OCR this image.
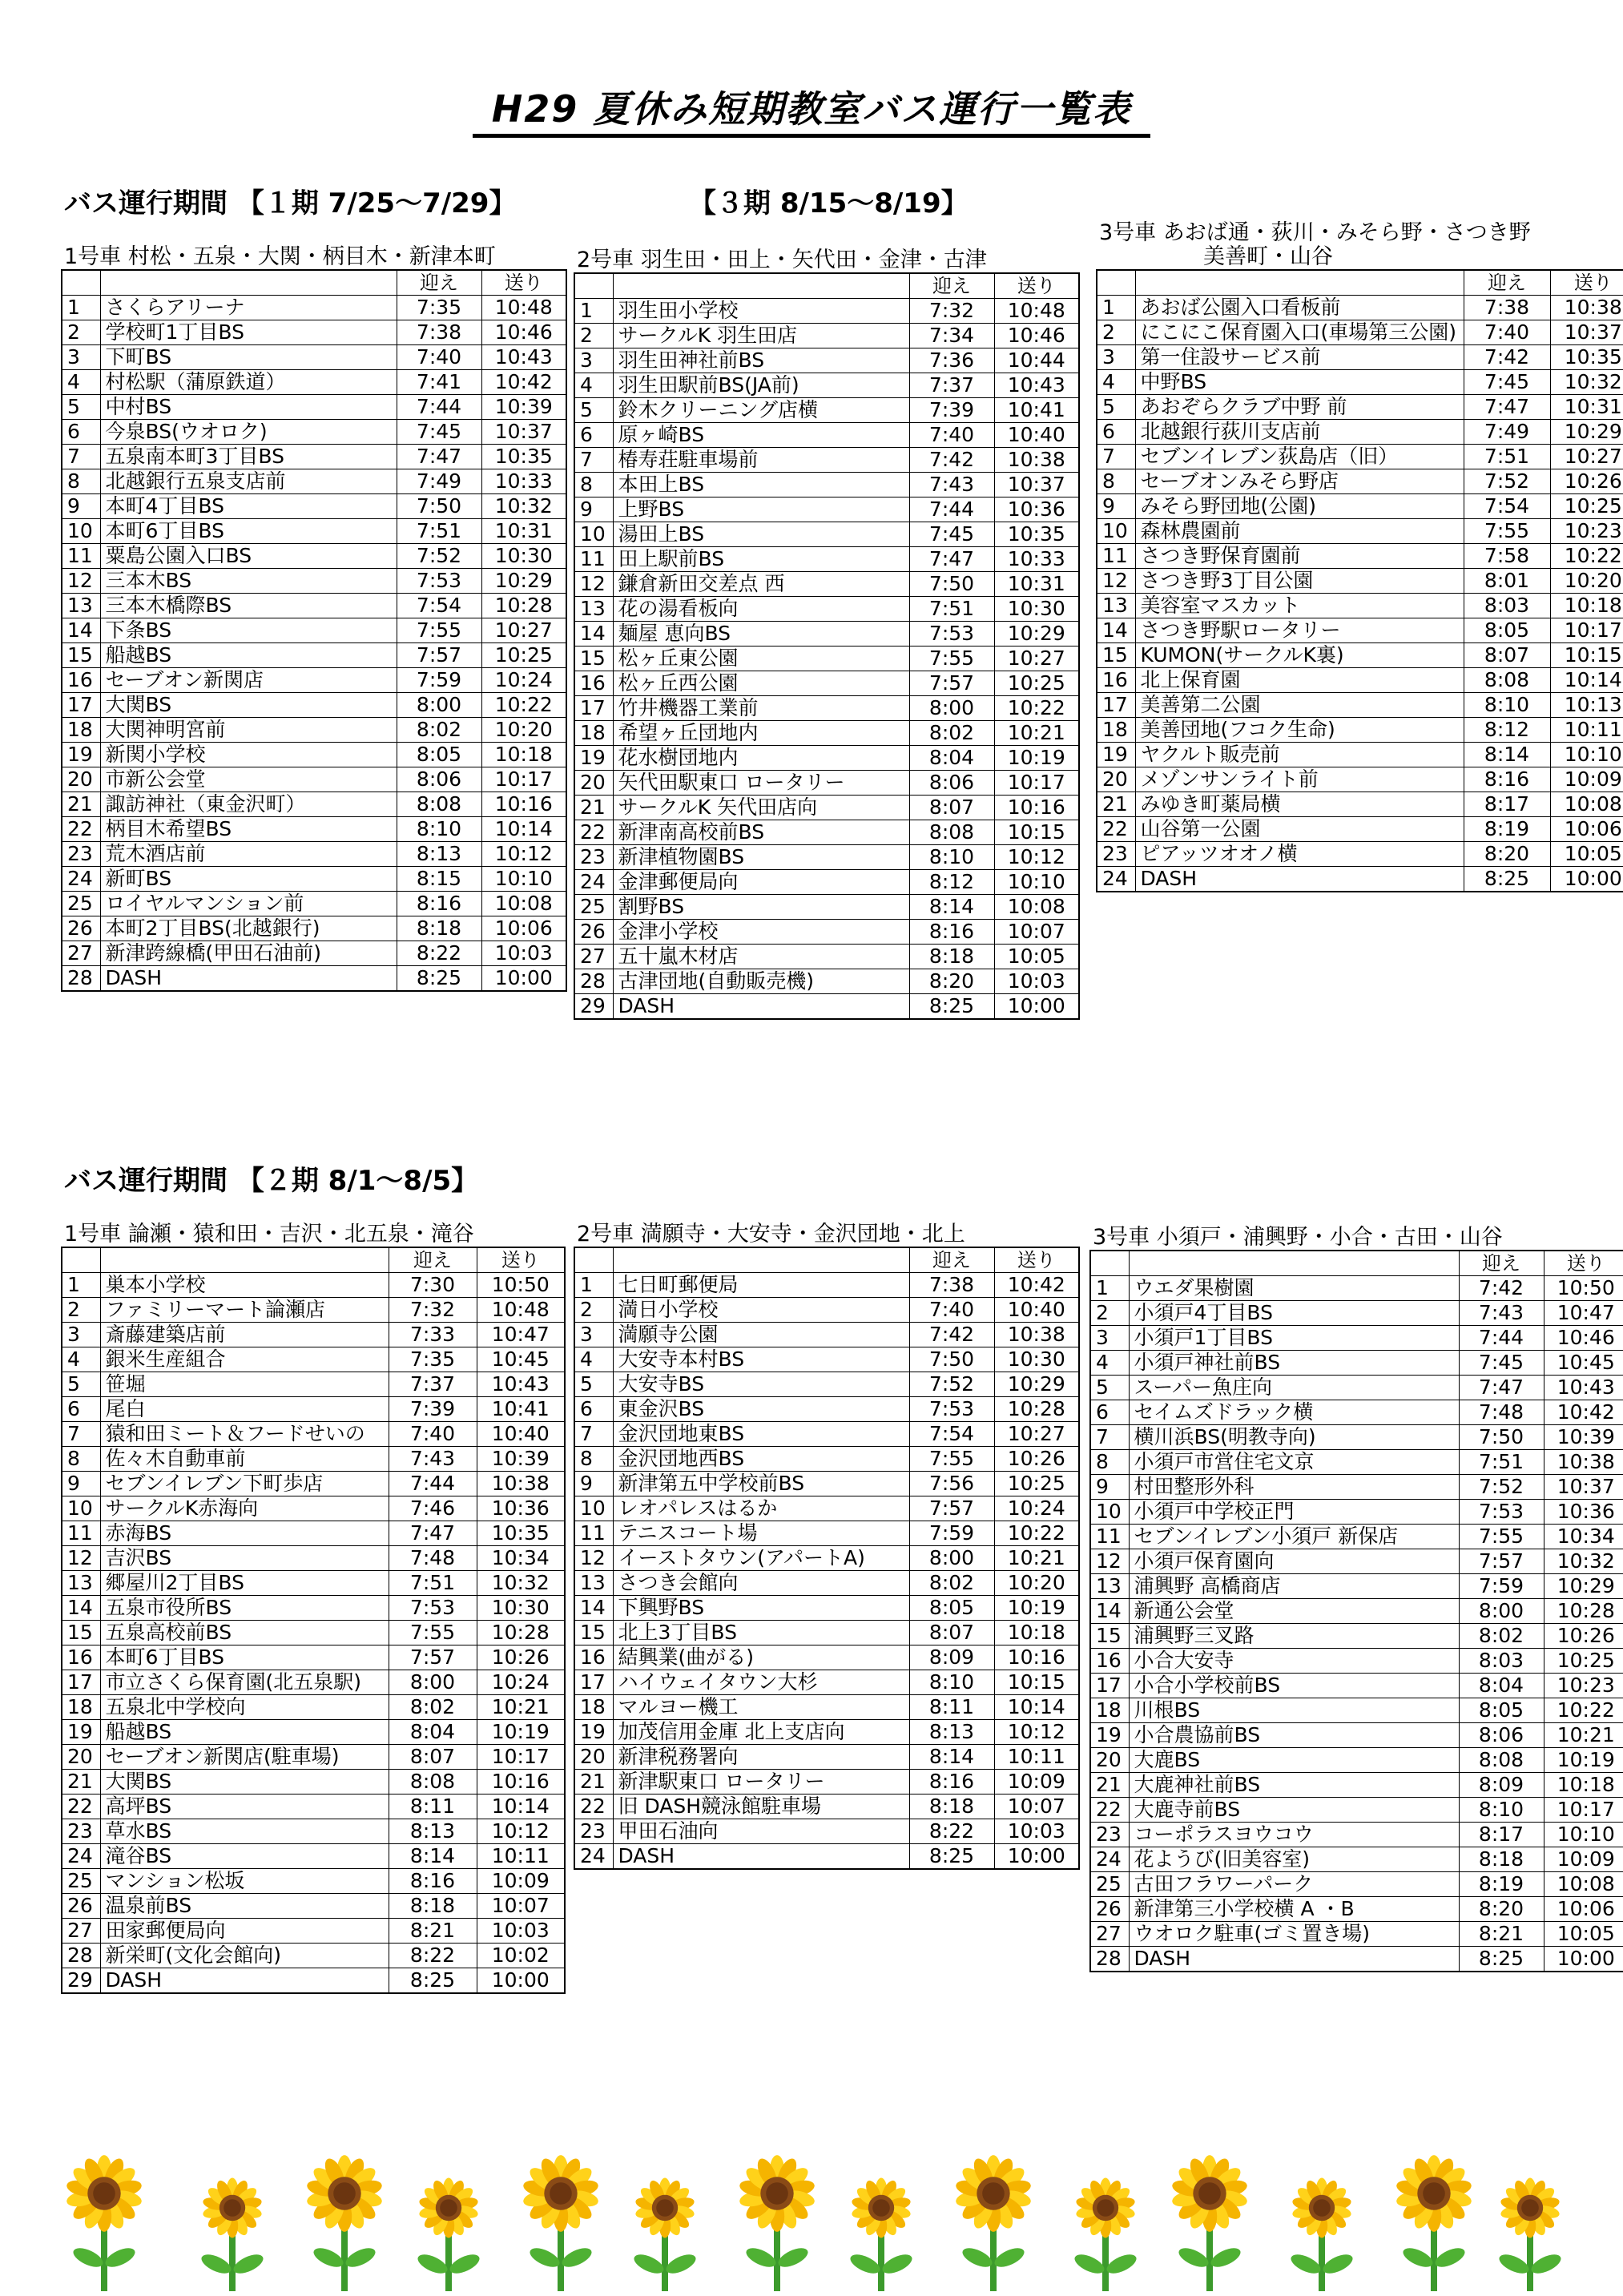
H29 夏休み短期教室バス運行一覧表
バス運行期間 【１期 7/25～7/29】	【３期 8/15～8/19】
バス運行期間 【２期 8/1～8/5】
1号車 村松・五泉・大関・柄目木・新津本町
		迎え	送り
1	さくらアリーナ	7:35	10:48
2	学校町1丁目BS	7:38	10:46
3	下町BS	7:40	10:43
4	村松駅（蒲原鉄道）	7:41	10:42
5	中村BS	7:44	10:39
6	今泉BS(ウオロク)	7:45	10:37
7	五泉南本町3丁目BS	7:47	10:35
8	北越銀行五泉支店前	7:49	10:33
9	本町4丁目BS	7:50	10:32
10	本町6丁目BS	7:51	10:31
11	粟島公園入口BS	7:52	10:30
12	三本木BS	7:53	10:29
13	三本木橋際BS	7:54	10:28
14	下条BS	7:55	10:27
15	船越BS	7:57	10:25
16	セーブオン新関店	7:59	10:24
17	大関BS	8:00	10:22
18	大関神明宮前	8:02	10:20
19	新関小学校	8:05	10:18
20	市新公会堂	8:06	10:17
21	諏訪神社（東金沢町）	8:08	10:16
22	柄目木希望BS	8:10	10:14
23	荒木酒店前	8:13	10:12
24	新町BS	8:15	10:10
25	ロイヤルマンション前	8:16	10:08
26	本町2丁目BS(北越銀行)	8:18	10:06
27	新津跨線橋(甲田石油前)	8:22	10:03
28	DASH	8:25	10:00
2号車 羽生田・田上・矢代田・金津・古津
		迎え	送り
1	羽生田小学校	7:32	10:48
2	サークルK 羽生田店	7:34	10:46
3	羽生田神社前BS	7:36	10:44
4	羽生田駅前BS(JA前)	7:37	10:43
5	鈴木クリーニング店横	7:39	10:41
6	原ヶ崎BS	7:40	10:40
7	椿寿荘駐車場前	7:42	10:38
8	本田上BS	7:43	10:37
9	上野BS	7:44	10:36
10	湯田上BS	7:45	10:35
11	田上駅前BS	7:47	10:33
12	鎌倉新田交差点 西	7:50	10:31
13	花の湯看板向	7:51	10:30
14	麺屋 恵向BS	7:53	10:29
15	松ヶ丘東公園	7:55	10:27
16	松ヶ丘西公園	7:57	10:25
17	竹井機器工業前	8:00	10:22
18	希望ヶ丘団地内	8:02	10:21
19	花水樹団地内	8:04	10:19
20	矢代田駅東口 ロータリー	8:06	10:17
21	サークルK 矢代田店向	8:07	10:16
22	新津南高校前BS	8:08	10:15
23	新津植物園BS	8:10	10:12
24	金津郵便局向	8:12	10:10
25	割野BS	8:14	10:08
26	金津小学校	8:16	10:07
27	五十嵐木材店	8:18	10:05
28	古津団地(自動販売機)	8:20	10:03
29	DASH	8:25	10:00
3号車 あおば通・荻川・みそら野・さつき野
美善町・山谷
		迎え	送り
1	あおば公園入口看板前	7:38	10:38
2	にこにこ保育園入口(車場第三公園)	7:40	10:37
3	第一住設サービス前	7:42	10:35
4	中野BS	7:45	10:32
5	あおぞらクラブ中野 前	7:47	10:31
6	北越銀行荻川支店前	7:49	10:29
7	セブンイレブン荻島店（旧）	7:51	10:27
8	セーブオンみそら野店	7:52	10:26
9	みそら野団地(公園)	7:54	10:25
10	森林農園前	7:55	10:23
11	さつき野保育園前	7:58	10:22
12	さつき野3丁目公園	8:01	10:20
13	美容室マスカット	8:03	10:18
14	さつき野駅ロータリー	8:05	10:17
15	KUMON(サークルK裏)	8:07	10:15
16	北上保育園	8:08	10:14
17	美善第二公園	8:10	10:13
18	美善団地(フコク生命)	8:12	10:11
19	ヤクルト販売前	8:14	10:10
20	メゾンサンライト前	8:16	10:09
21	みゆき町薬局横	8:17	10:08
22	山谷第一公園	8:19	10:06
23	ピアッツオオノ横	8:20	10:05
24	DASH	8:25	10:00
1号車 論瀬・猿和田・吉沢・北五泉・滝谷
		迎え	送り
1	巣本小学校	7:30	10:50
2	ファミリーマート論瀬店	7:32	10:48
3	斎藤建築店前	7:33	10:47
4	銀米生産組合	7:35	10:45
5	笹堀	7:37	10:43
6	尾白	7:39	10:41
7	猿和田ミート＆フードせいの	7:40	10:40
8	佐々木自動車前	7:43	10:39
9	セブンイレブン下町歩店	7:44	10:38
10	サークルK赤海向	7:46	10:36
11	赤海BS	7:47	10:35
12	吉沢BS	7:48	10:34
13	郷屋川2丁目BS	7:51	10:32
14	五泉市役所BS	7:53	10:30
15	五泉高校前BS	7:55	10:28
16	本町6丁目BS	7:57	10:26
17	市立さくら保育園(北五泉駅)	8:00	10:24
18	五泉北中学校向	8:02	10:21
19	船越BS	8:04	10:19
20	セーブオン新関店(駐車場)	8:07	10:17
21	大関BS	8:08	10:16
22	高坪BS	8:11	10:14
23	草水BS	8:13	10:12
24	滝谷BS	8:14	10:11
25	マンション松坂	8:16	10:09
26	温泉前BS	8:18	10:07
27	田家郵便局向	8:21	10:03
28	新栄町(文化会館向)	8:22	10:02
29	DASH	8:25	10:00
2号車 満願寺・大安寺・金沢団地・北上
		迎え	送り
1	七日町郵便局	7:38	10:42
2	満日小学校	7:40	10:40
3	満願寺公園	7:42	10:38
4	大安寺本村BS	7:50	10:30
5	大安寺BS	7:52	10:29
6	東金沢BS	7:53	10:28
7	金沢団地東BS	7:54	10:27
8	金沢団地西BS	7:55	10:26
9	新津第五中学校前BS	7:56	10:25
10	レオパレスはるか	7:57	10:24
11	テニスコート場	7:59	10:22
12	イーストタウン(アパートA)	8:00	10:21
13	さつき会館向	8:02	10:20
14	下興野BS	8:05	10:19
15	北上3丁目BS	8:07	10:18
16	結興業(曲がる)	8:09	10:16
17	ハイウェイタウン大杉	8:10	10:15
18	マルヨー機工	8:11	10:14
19	加茂信用金庫 北上支店向	8:13	10:12
20	新津税務署向	8:14	10:11
21	新津駅東口 ロータリー	8:16	10:09
22	旧 DASH競泳館駐車場	8:18	10:07
23	甲田石油向	8:22	10:03
24	DASH	8:25	10:00
3号車 小須戸・浦興野・小合・古田・山谷
		迎え	送り
1	ウエダ果樹園	7:42	10:50
2	小須戸4丁目BS	7:43	10:47
3	小須戸1丁目BS	7:44	10:46
4	小須戸神社前BS	7:45	10:45
5	スーパー魚庄向	7:47	10:43
6	セイムズドラック横	7:48	10:42
7	横川浜BS(明教寺向)	7:50	10:39
8	小須戸市営住宅文京	7:51	10:38
9	村田整形外科	7:52	10:37
10	小須戸中学校正門	7:53	10:36
11	セブンイレブン小須戸 新保店	7:55	10:34
12	小須戸保育園向	7:57	10:32
13	浦興野 高橋商店	7:59	10:29
14	新通公会堂	8:00	10:28
15	浦興野三叉路	8:02	10:26
16	小合大安寺	8:03	10:25
17	小合小学校前BS	8:04	10:23
18	川根BS	8:05	10:22
19	小合農協前BS	8:06	10:21
20	大鹿BS	8:08	10:19
21	大鹿神社前BS	8:09	10:18
22	大鹿寺前BS	8:10	10:17
23	コーポラスヨウコウ	8:17	10:10
24	花ようび(旧美容室)	8:18	10:09
25	古田フラワーパーク	8:19	10:08
26	新津第三小学校横 A ・B	8:20	10:06
27	ウオロク駐車(ゴミ置き場)	8:21	10:05
28	DASH	8:25	10:00
